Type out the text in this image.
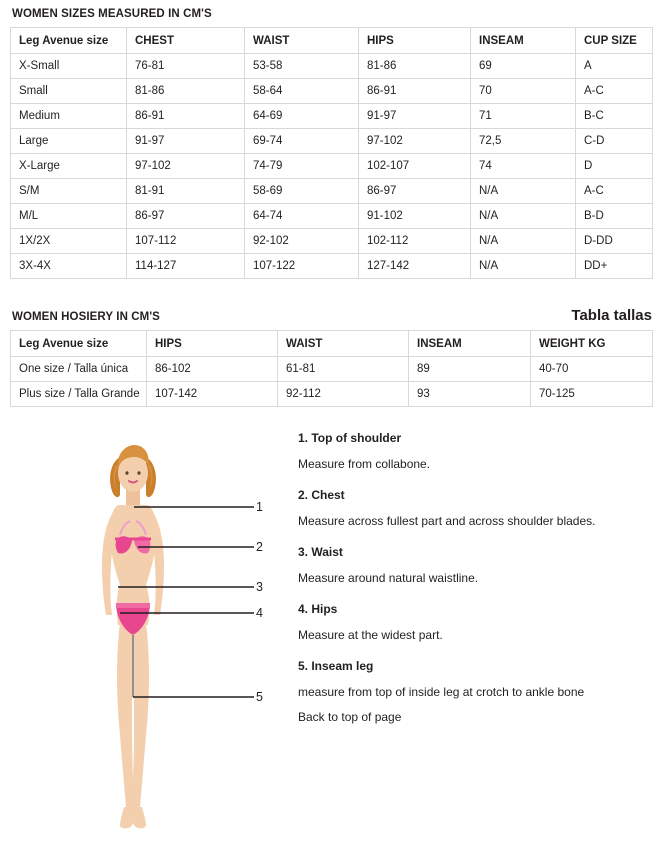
WOMEN SIZES MEASURED IN CM'S
Leg Avenue size	CHEST	WAIST	HIPS	INSEAM	CUP SIZE
X-Small	76-81	53-58	81-86	69	A
Small	81-86	58-64	86-91	70	A-C
Medium	86-91	64-69	91-97	71	B-C
Large	91-97	69-74	97-102	72,5	C-D
X-Large	97-102	74-79	102-107	74	D
S/M	81-91	58-69	86-97	N/A	A-C
M/L	86-97	64-74	91-102	N/A	B-D
1X/2X	107-112	92-102	102-112	N/A	D-DD
3X-4X	114-127	107-122	127-142	N/A	DD+
WOMEN HOSIERY IN CM'S	Tabla tallas
Leg Avenue size	HIPS	WAIST	INSEAM	WEIGHT KG
One size / Talla única	86-102	61-81	89	40-70
Plus size / Talla Grande	107-142	92-112	93	70-125
1
2
3
4
5
1. Top of shoulder
Measure from collabone.
2. Chest
Measure across fullest part and across shoulder blades.
3. Waist
Measure around natural waistline.
4. Hips
Measure at the widest part.
5. Inseam leg
measure from top of inside leg at crotch to ankle bone
Back to top of page
